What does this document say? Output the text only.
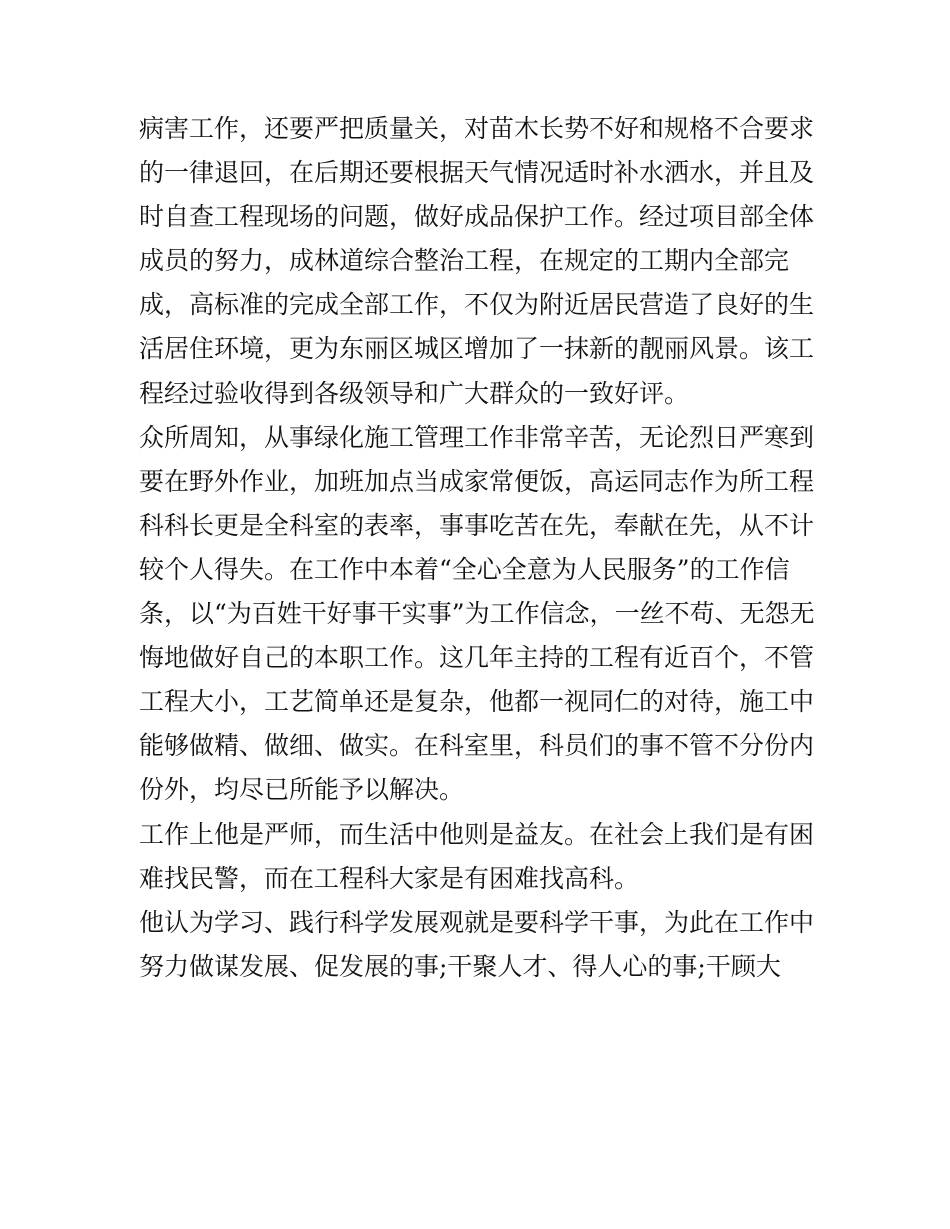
病害工作，还要严把质量关，对苗木长势不好和规格不合要求
的一律退回，在后期还要根据天气情况适时补水洒水，并且及
时自查工程现场的问题，做好成品保护工作。经过项目部全体
成员的努力，成林道综合整治工程，在规定的工期内全部完
成，高标准的完成全部工作，不仅为附近居民营造了良好的生
活居住环境，更为东丽区城区增加了一抹新的靓丽风景。该工
程经过验收得到各级领导和广大群众的一致好评。
众所周知，从事绿化施工管理工作非常辛苦，无论烈日严寒到
要在野外作业，加班加点当成家常便饭，高运同志作为所工程
科科长更是全科室的表率，事事吃苦在先，奉献在先，从不计
较个人得失。在工作中本着“全心全意为人民服务”的工作信
条，以“为百姓干好事干实事”为工作信念，一丝不苟、无怨无
悔地做好自己的本职工作。这几年主持的工程有近百个，不管
工程大小，工艺简单还是复杂，他都一视同仁的对待，施工中
能够做精、做细、做实。在科室里，科员们的事不管不分份内
份外，均尽已所能予以解决。
工作上他是严师，而生活中他则是益友。在社会上我们是有困
难找民警，而在工程科大家是有困难找高科。
他认为学习、践行科学发展观就是要科学干事，为此在工作中
努力做谋发展、促发展的事;干聚人才、得人心的事;干顾大
